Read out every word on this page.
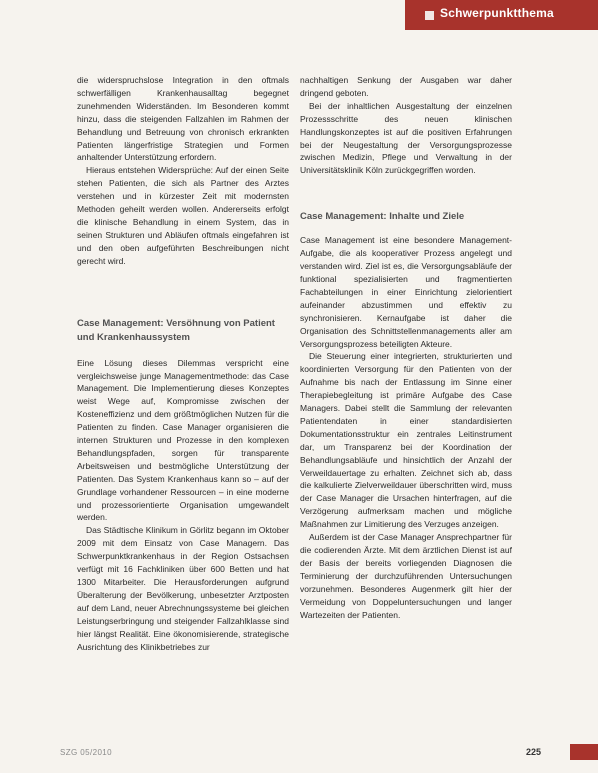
Schwerpunktthema

die widerspruchslose Integration in den oftmals schwerfälligen Krankenhausalltag begegnet zunehmenden Widerständen. Im Besonderen kommt hinzu, dass die steigenden Fallzahlen im Rahmen der Behandlung und Betreuung von chronisch erkrankten Patienten längerfristige Strategien und Formen anhaltender Unterstützung erfordern.

Hieraus entstehen Widersprüche: Auf der einen Seite stehen Patienten, die sich als Partner des Arztes verstehen und in kürzester Zeit mit modernsten Methoden geheilt werden wollen. Andererseits erfolgt die klinische Behandlung in einem System, das in seinen Strukturen und Abläufen oftmals eingefahren ist und den oben aufgeführten Beschreibungen nicht gerecht wird.

Case Management: Versöhnung von Patient und Krankenhaussystem

Eine Lösung dieses Dilemmas verspricht eine vergleichsweise junge Managementmethode: das Case Management. Die Implementierung dieses Konzeptes weist Wege auf, Kompromisse zwischen der Kosteneffizienz und dem größtmöglichen Nutzen für die Patienten zu finden. Case Manager organisieren die internen Strukturen und Prozesse in den komplexen Behandlungspfaden, sorgen für transparente Arbeitsweisen und bestmögliche Unterstützung der Patienten. Das System Krankenhaus kann so – auf der Grundlage vorhandener Ressourcen – in eine moderne und prozessorientierte Organisation umgewandelt werden.

Das Städtische Klinikum in Görlitz begann im Oktober 2009 mit dem Einsatz von Case Managern. Das Schwerpunktkrankenhaus in der Region Ostsachsen verfügt mit 16 Fachkliniken über 600 Betten und hat 1300 Mitarbeiter. Die Herausforderungen aufgrund Überalterung der Bevölkerung, unbesetzter Arztposten auf dem Land, neuer Abrechnungssysteme bei gleichen Leistungserbringung und steigender Fallzahlklasse sind hier längst Realität. Eine ökonomisierende, strategische Ausrichtung des Klinikbetriebes zur

nachhaltigen Senkung der Ausgaben war daher dringend geboten.

Bei der inhaltlichen Ausgestaltung der einzelnen Prozessschritte des neuen klinischen Handlungskonzeptes ist auf die positiven Erfahrungen bei der Neugestaltung der Versorgungsprozesse zwischen Medizin, Pflege und Verwaltung in der Universitätsklinik Köln zurückgegriffen worden.

Case Management: Inhalte und Ziele

Case Management ist eine besondere Management-Aufgabe, die als kooperativer Prozess angelegt und verstanden wird. Ziel ist es, die Versorgungsabläufe der funktional spezialisierten und fragmentierten Fachabteilungen in einer Einrichtung zielorientiert aufeinander abzustimmen und effektiv zu synchronisieren. Kernaufgabe ist daher die Organisation des Schnittstellenmanagements aller am Versorgungsprozess beteiligten Akteure.

Die Steuerung einer integrierten, strukturierten und koordinierten Versorgung für den Patienten von der Aufnahme bis nach der Entlassung im Sinne einer Therapiebegleitung ist primäre Aufgabe des Case Managers. Dabei stellt die Sammlung der relevanten Patientendaten in einer standardisierten Dokumentationsstruktur ein zentrales Leitinstrument dar, um Transparenz bei der Koordination der Behandlungsabläufe und hinsichtlich der Anzahl der Verweildauertage zu erhalten. Zeichnet sich ab, dass die kalkulierte Zielverweildauer überschritten wird, muss der Case Manager die Ursachen hinterfragen, auf die Verzögerung aufmerksam machen und mögliche Maßnahmen zur Limitierung des Verzuges anzeigen.

Außerdem ist der Case Manager Ansprechpartner für die codierenden Ärzte. Mit dem ärztlichen Dienst ist auf der Basis der bereits vorliegenden Diagnosen die Terminierung der durchzuführenden Untersuchungen vorzunehmen. Besonderes Augenmerk gilt hier der Vermeidung von Doppeluntersuchungen und langer Wartezeiten der Patienten.

SZG 05/2010	225
